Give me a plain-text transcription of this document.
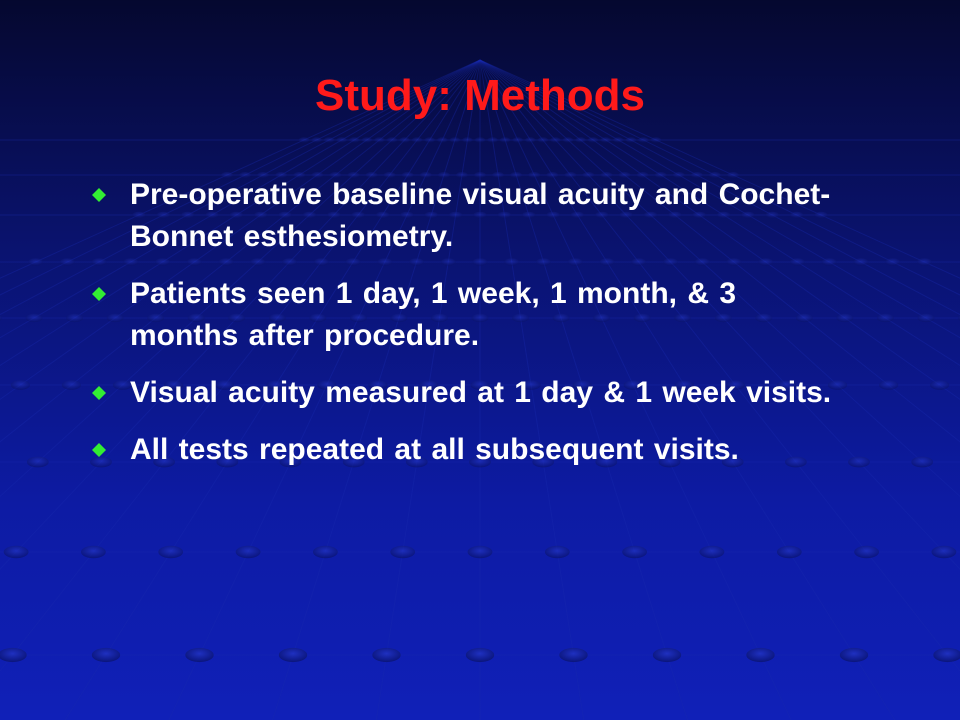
Study: Methods
Pre-operative baseline visual acuity and Cochet-Bonnet esthesiometry.
Patients seen 1 day, 1 week, 1 month, & 3 months after procedure.
Visual acuity measured at 1 day & 1 week visits.
All tests repeated at all subsequent visits.
